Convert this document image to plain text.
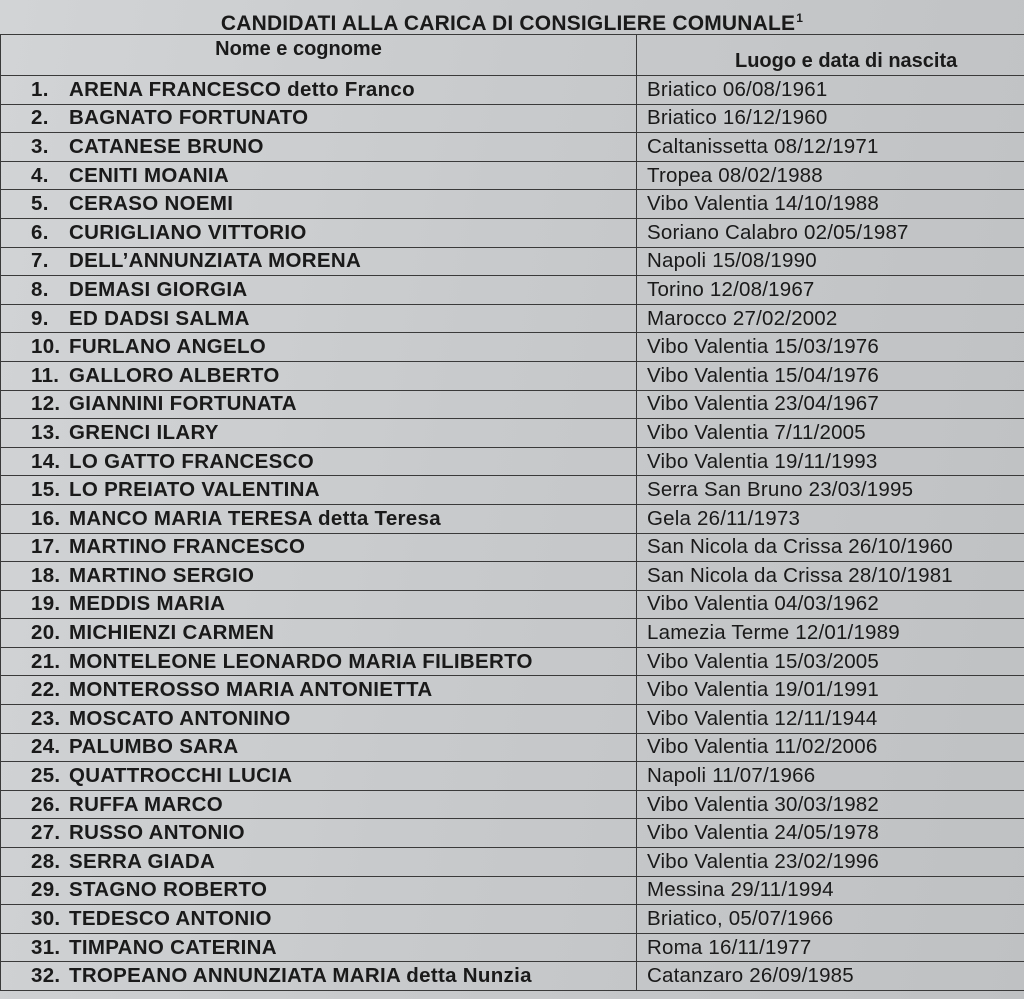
CANDIDATI ALLA CARICA DI CONSIGLIERE COMUNALE$^1$
Nome e cognome	Luogo e data di nascita
1. ARENA FRANCESCO detto Franco	Briatico 06/08/1961
2. BAGNATO FORTUNATO	Briatico 16/12/1960
3. CATANESE BRUNO	Caltanissetta 08/12/1971
4. CENITI MOANIA	Tropea 08/02/1988
5. CERASO NOEMI	Vibo Valentia 14/10/1988
6. CURIGLIANO VITTORIO	Soriano Calabro 02/05/1987
7. DELL’ANNUNZIATA MORENA	Napoli 15/08/1990
8. DEMASI GIORGIA	Torino 12/08/1967
9. ED DADSI SALMA	Marocco 27/02/2002
10. FURLANO ANGELO	Vibo Valentia 15/03/1976
11. GALLORO ALBERTO	Vibo Valentia 15/04/1976
12. GIANNINI FORTUNATA	Vibo Valentia 23/04/1967
13. GRENCI ILARY	Vibo Valentia 7/11/2005
14. LO GATTO FRANCESCO	Vibo Valentia 19/11/1993
15. LO PREIATO VALENTINA	Serra San Bruno 23/03/1995
16. MANCO MARIA TERESA detta Teresa	Gela 26/11/1973
17. MARTINO FRANCESCO	San Nicola da Crissa 26/10/1960
18. MARTINO SERGIO	San Nicola da Crissa 28/10/1981
19. MEDDIS MARIA	Vibo Valentia 04/03/1962
20. MICHIENZI CARMEN	Lamezia Terme 12/01/1989
21. MONTELEONE LEONARDO MARIA FILIBERTO	Vibo Valentia 15/03/2005
22. MONTEROSSO MARIA ANTONIETTA	Vibo Valentia 19/01/1991
23. MOSCATO ANTONINO	Vibo Valentia 12/11/1944
24. PALUMBO SARA	Vibo Valentia 11/02/2006
25. QUATTROCCHI LUCIA	Napoli 11/07/1966
26. RUFFA MARCO	Vibo Valentia 30/03/1982
27. RUSSO ANTONIO	Vibo Valentia 24/05/1978
28. SERRA GIADA	Vibo Valentia 23/02/1996
29. STAGNO ROBERTO	Messina 29/11/1994
30. TEDESCO ANTONIO	Briatico, 05/07/1966
31. TIMPANO CATERINA	Roma 16/11/1977
32. TROPEANO ANNUNZIATA MARIA detta Nunzia	Catanzaro 26/09/1985
